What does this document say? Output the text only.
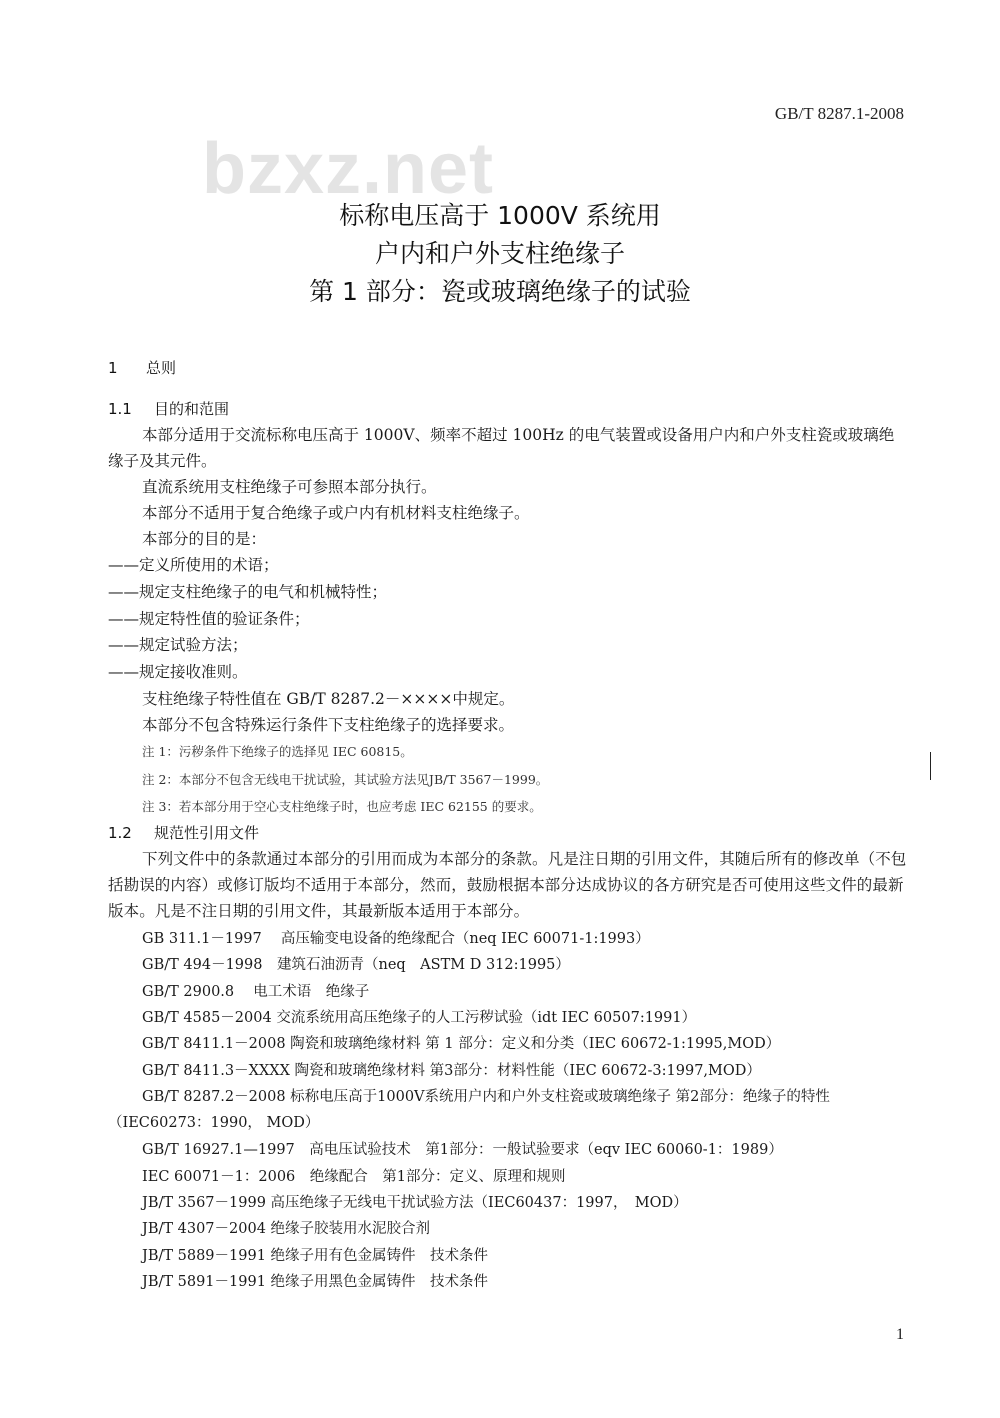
GB/T 8287.1-2008
bzxz.net
标称电压高于 1000V 系统用
户内和户外支柱绝缘子
第 1 部分：瓷或玻璃绝缘子的试验
1 总则
1.1 目的和范围
本部分适用于交流标称电压高于 1000V、频率不超过 100Hz 的电气装置或设备用户内和户外支柱瓷或玻璃绝缘子及其元件。
直流系统用支柱绝缘子可参照本部分执行。
本部分不适用于复合绝缘子或户内有机材料支柱绝缘子。
本部分的目的是：
——定义所使用的术语；
——规定支柱绝缘子的电气和机械特性；
——规定特性值的验证条件；
——规定试验方法；
——规定接收准则。
支柱绝缘子特性值在 GB/T 8287.2－××××中规定。
本部分不包含特殊运行条件下支柱绝缘子的选择要求。
注 1：污秽条件下绝缘子的选择见 IEC 60815。
注 2：本部分不包含无线电干扰试验，其试验方法见JB/T 3567－1999。
注 3：若本部分用于空心支柱绝缘子时，也应考虑 IEC 62155 的要求。
1.2 规范性引用文件
下列文件中的条款通过本部分的引用而成为本部分的条款。凡是注日期的引用文件，其随后所有的修改单（不包括勘误的内容）或修订版均不适用于本部分，然而，鼓励根据本部分达成协议的各方研究是否可使用这些文件的最新版本。凡是不注日期的引用文件，其最新版本适用于本部分。
GB 311.1－1997　 高压输变电设备的绝缘配合（neq IEC 60071-1:1993）
GB/T 494－1998　建筑石油沥青（neq　ASTM D 312:1995）
GB/T 2900.8　 电工术语　绝缘子
GB/T 4585－2004 交流系统用高压绝缘子的人工污秽试验（idt IEC 60507:1991）
GB/T 8411.1－2008 陶瓷和玻璃绝缘材料 第 1 部分：定义和分类（IEC 60672-1:1995,MOD）
GB/T 8411.3－XXXX 陶瓷和玻璃绝缘材料 第3部分：材料性能（IEC 60672-3:1997,MOD）
GB/T 8287.2－2008 标称电压高于1000V系统用户内和户外支柱瓷或玻璃绝缘子 第2部分：绝缘子的特性（IEC60273：1990， MOD）
GB/T 16927.1—1997　高电压试验技术　第1部分：一般试验要求（eqv IEC 60060-1：1989）
IEC 60071－1：2006　绝缘配合　第1部分：定义、原理和规则
JB/T 3567－1999 高压绝缘子无线电干扰试验方法（IEC60437：1997，　MOD）
JB/T 4307－2004 绝缘子胶装用水泥胶合剂
JB/T 5889－1991 绝缘子用有色金属铸件　技术条件
JB/T 5891－1991 绝缘子用黑色金属铸件　技术条件
1
